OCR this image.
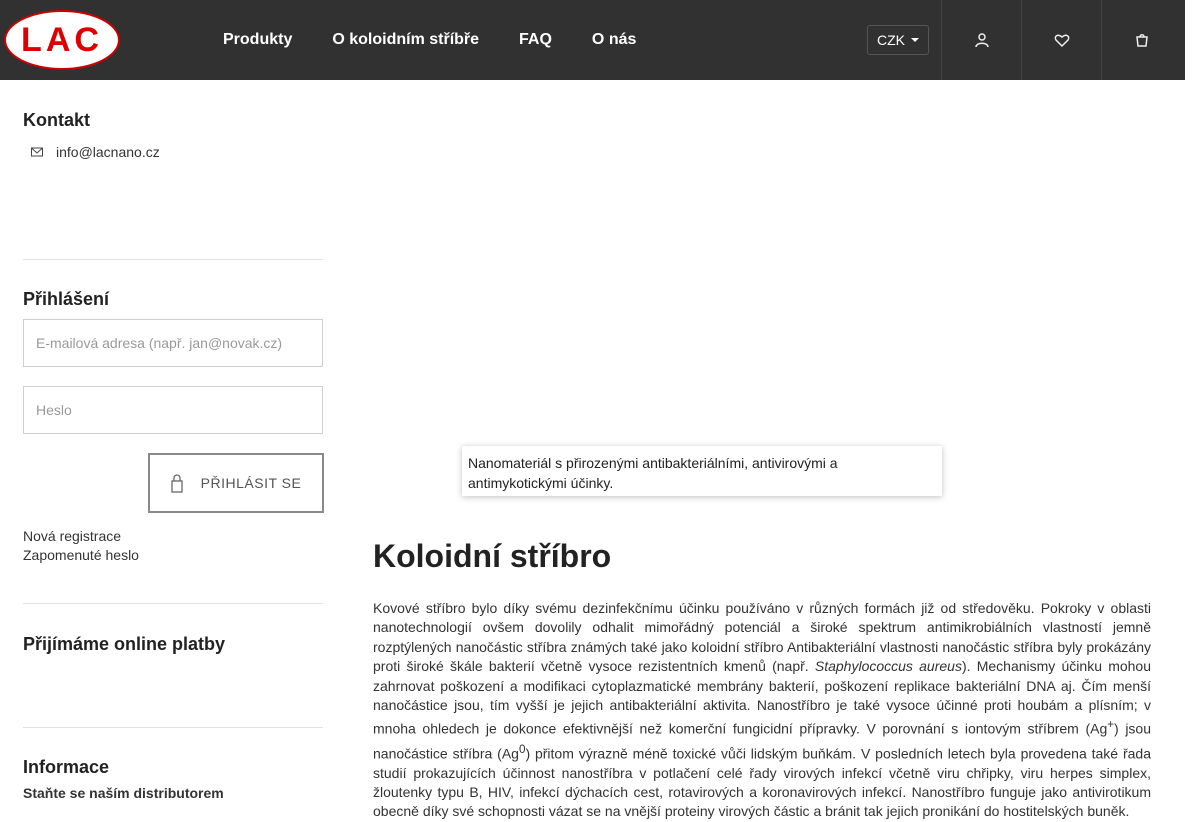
LAC	Produkty	O koloidním stříbře	FAQ	O nás	CZK
Kontakt
info@lacnano.cz
Přihlášení
E-mailová adresa (např. jan@novak.cz)
PŘIHLÁSIT SE
Nová registrace
Zapomenuté heslo
Přijímáme online platby
Informace
Staňte se naším distributorem
Nanomateriál s přirozenými antibakteriálními, antivirovými a antimykotickými účinky.
Koloidní stříbro

Kovové stříbro bylo díky svému dezinfekčnímu účinku používáno v různých formách již od středověku. Pokroky v oblasti nanotechnologií ovšem dovolily odhalit mimořádný potenciál a široké spektrum antimikrobiálních vlastností jemně rozptýlených nanočástic stříbra známých také jako koloidní stříbro Antibakteriální vlastnosti nanočástic stříbra byly prokázány proti široké škále bakterií včetně vysoce rezistentních kmenů (např. Staphylococcus aureus). Mechanismy účinku mohou zahrnovat poškození a modifikaci cytoplazmatické membrány bakterií, poškození replikace bakteriální DNA aj. Čím menší nanočástice jsou, tím vyšší je jejich antibakteriální aktivita. Nanostříbro je také vysoce účinné proti houbám a plísním; v mnoha ohledech je dokonce efektivnější než komerční fungicidní přípravky. V porovnání s iontovým stříbrem (Ag+) jsou nanočástice stříbra (Ag$^0$) přitom výrazně méně toxické vůči lidským buňkám. V posledních letech byla provedena také řada studií prokazujících účinnost nanostříbra v potlačení celé řady virových infekcí včetně viru chřipky, viru herpes simplex, žloutenky typu B, HIV, infekcí dýchacích cest, rotavirových a koronavirových infekcí. Nanostříbro funguje jako antivirotikum obecně díky své schopnosti vázat se na vnější proteiny virových částic a bránit tak jejich pronikání do hostitelských buněk.
